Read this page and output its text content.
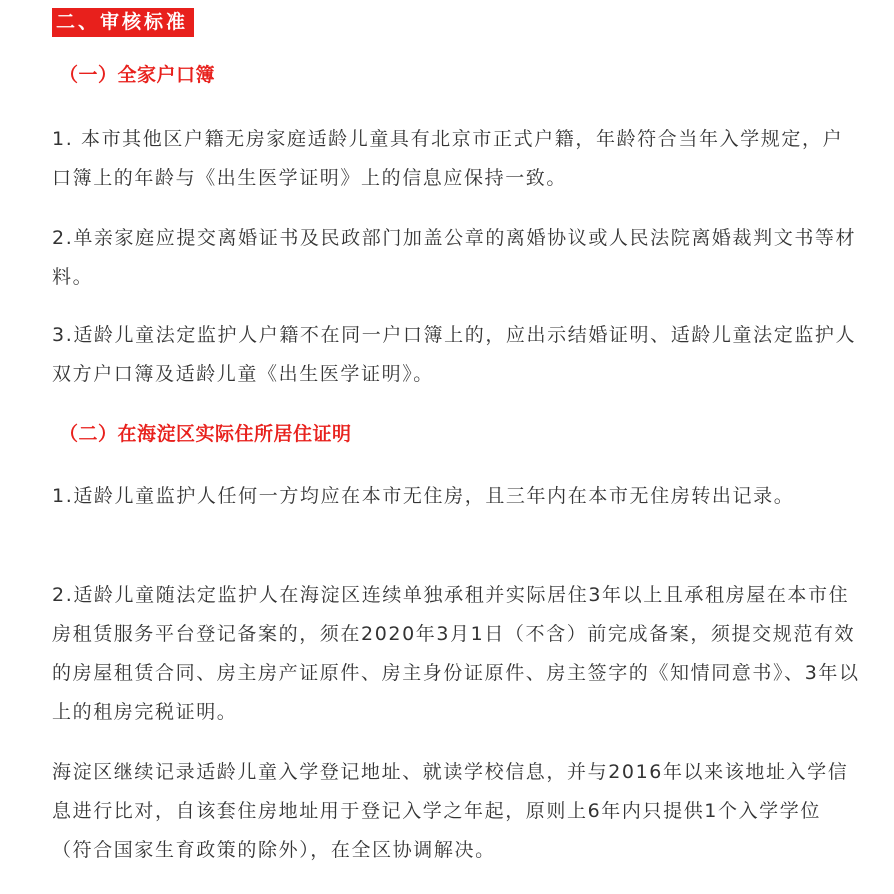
二、审核标准
（一）全家户口簿

1. 本市其他区户籍无房家庭适龄儿童具有北京市正式户籍，年龄符合当年入学规定，户口簿上的年龄与《出生医学证明》上的信息应保持一致。

2.单亲家庭应提交离婚证书及民政部门加盖公章的离婚协议或人民法院离婚裁判文书等材料。

3.适龄儿童法定监护人户籍不在同一户口簿上的，应出示结婚证明、适龄儿童法定监护人双方户口簿及适龄儿童《出生医学证明》。

（二）在海淀区实际住所居住证明

1.适龄儿童监护人任何一方均应在本市无住房，且三年内在本市无住房转出记录。

2.适龄儿童随法定监护人在海淀区连续单独承租并实际居住3年以上且承租房屋在本市住房租赁服务平台登记备案的，须在2020年3月1日（不含）前完成备案，须提交规范有效的房屋租赁合同、房主房产证原件、房主身份证原件、房主签字的《知情同意书》、3年以上的租房完税证明。

海淀区继续记录适龄儿童入学登记地址、就读学校信息，并与2016年以来该地址入学信息进行比对，自该套住房地址用于登记入学之年起，原则上6年内只提供1个入学学位（符合国家生育政策的除外），在全区协调解决。
